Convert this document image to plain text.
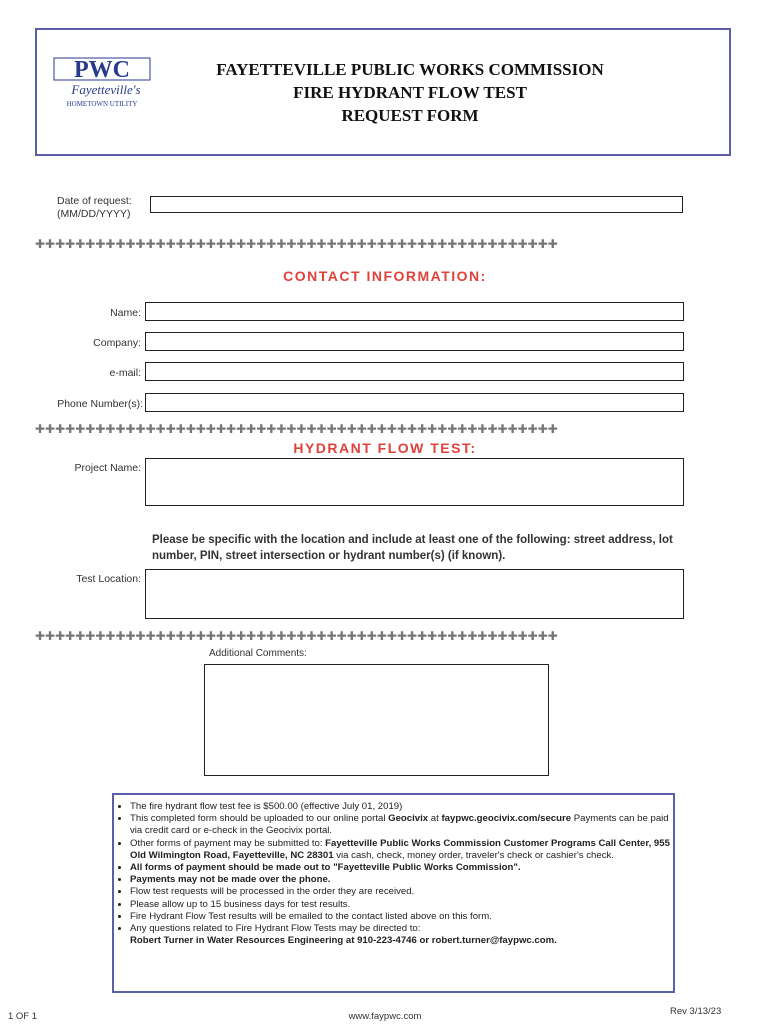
PWC
Fayetteville's
HOMETOWN UTILITY
FAYETTEVILLE PUBLIC WORKS COMMISSION
FIRE HYDRANT FLOW TEST
REQUEST FORM
Date of request:
(MM/DD/YYYY)
✚✚✚✚✚✚✚✚✚✚✚✚✚✚✚✚✚✚✚✚✚✚✚✚✚✚✚✚✚✚✚✚✚✚✚✚✚✚✚✚✚✚✚✚✚✚✚✚✚✚✚✚
CONTACT INFORMATION:
Name:
Company:
e-mail:
Phone Number(s):
✚✚✚✚✚✚✚✚✚✚✚✚✚✚✚✚✚✚✚✚✚✚✚✚✚✚✚✚✚✚✚✚✚✚✚✚✚✚✚✚✚✚✚✚✚✚✚✚✚✚✚✚
HYDRANT FLOW TEST:
Project Name:
Please be specific with the location and include at least one of the following: street address, lot number, PIN, street intersection or hydrant number(s) (if known).
Test Location:
✚✚✚✚✚✚✚✚✚✚✚✚✚✚✚✚✚✚✚✚✚✚✚✚✚✚✚✚✚✚✚✚✚✚✚✚✚✚✚✚✚✚✚✚✚✚✚✚✚✚✚✚
Additional Comments:
• The fire hydrant flow test fee is $500.00 (effective July 01, 2019)
• This completed form should be uploaded to our online portal Geocivix at faypwc.geocivix.com/secure Payments can be paid via credit card or e-check in the Geocivix portal.
• Other forms of payment may be submitted to: Fayetteville Public Works Commission Customer Programs Call Center, 955 Old Wilmington Road, Fayetteville, NC 28301 via cash, check, money order, traveler's check or cashier's check.
• All forms of payment should be made out to "Fayetteville Public Works Commission".
• Payments may not be made over the phone.
• Flow test requests will be processed in the order they are received.
• Please allow up to 15 business days for test results.
• Fire Hydrant Flow Test results will be emailed to the contact listed above on this form.
• Any questions related to Fire Hydrant Flow Tests may be directed to:
Robert Turner in Water Resources Engineering at 910-223-4746 or robert.turner@faypwc.com.
1 OF 1	www.faypwc.com	Rev 3/13/23
